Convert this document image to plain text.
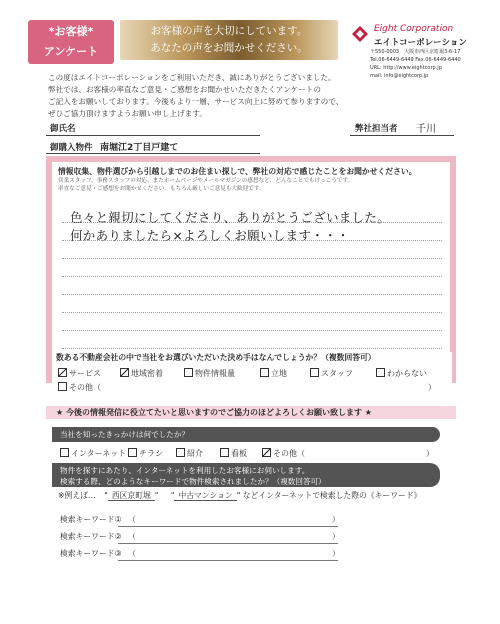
*お客様*
アンケート
お客様の声を大切にしています。
あなたの声をお聞かせください。
Eight Corporation
エイトコーポレーション
〒550-0003　大阪市西区京町堀3-6-17
Tel.06-6449-6449 Fax.06-6449-6440
URL: http://www.eightcorp.jp
mail: info@eightcorp.jp
この度はエイトコーポレーションをご利用いただき、誠にありがとうございました。
弊社では、お客様の率直なご意見・ご感想をお聞かせいただきたくアンケートの
ご記入をお願いしております。今後もより一層、サービス向上に努めて参りますので、
ぜひご協力頂けますようお願い申し上げます。
御氏名	弊社担当者 千川
御購入物件 南堀江2丁目戸建て
情報収集、物件選びから引越しまでのお住まい探しで、弊社の対応で感じたことをお聞かせください。
営業スタッフ、事務スタッフの対応、またホームページやメールマガジンの感想など、どんなことでもけっこうです。
率直なご意見・ご感想をお聞かせください。もちろん厳しいご意見も大歓迎です。
色々と親切にしてくださり、ありがとうございました。
何かありましたら×よろしくお願いします・・・
数ある不動産会社の中で当社をお選びいただいた決め手はなんでしょうか？（複数回答可）
サービス	地域密着	物件情報量	立地	スタッフ	わからない
その他（	）
★ 今後の情報発信に役立てたいと思いますのでご協力のほどよろしくお願い致します ★
当社を知ったきっかけは何でしたか？
インターネット	チラシ	紹介	看板	その他（	）
物件を探すにあたり、インターネットを利用したお客様にお伺いします。
検索する際、どのようなキーワードで物件検索されましたか？（複数回答可）
※例えば… " 西区京町堀 " " 中古マンション " などインターネットで検索した際の《キーワード》
検索キーワード① （	）
検索キーワード② （	）
検索キーワード③ （	）
